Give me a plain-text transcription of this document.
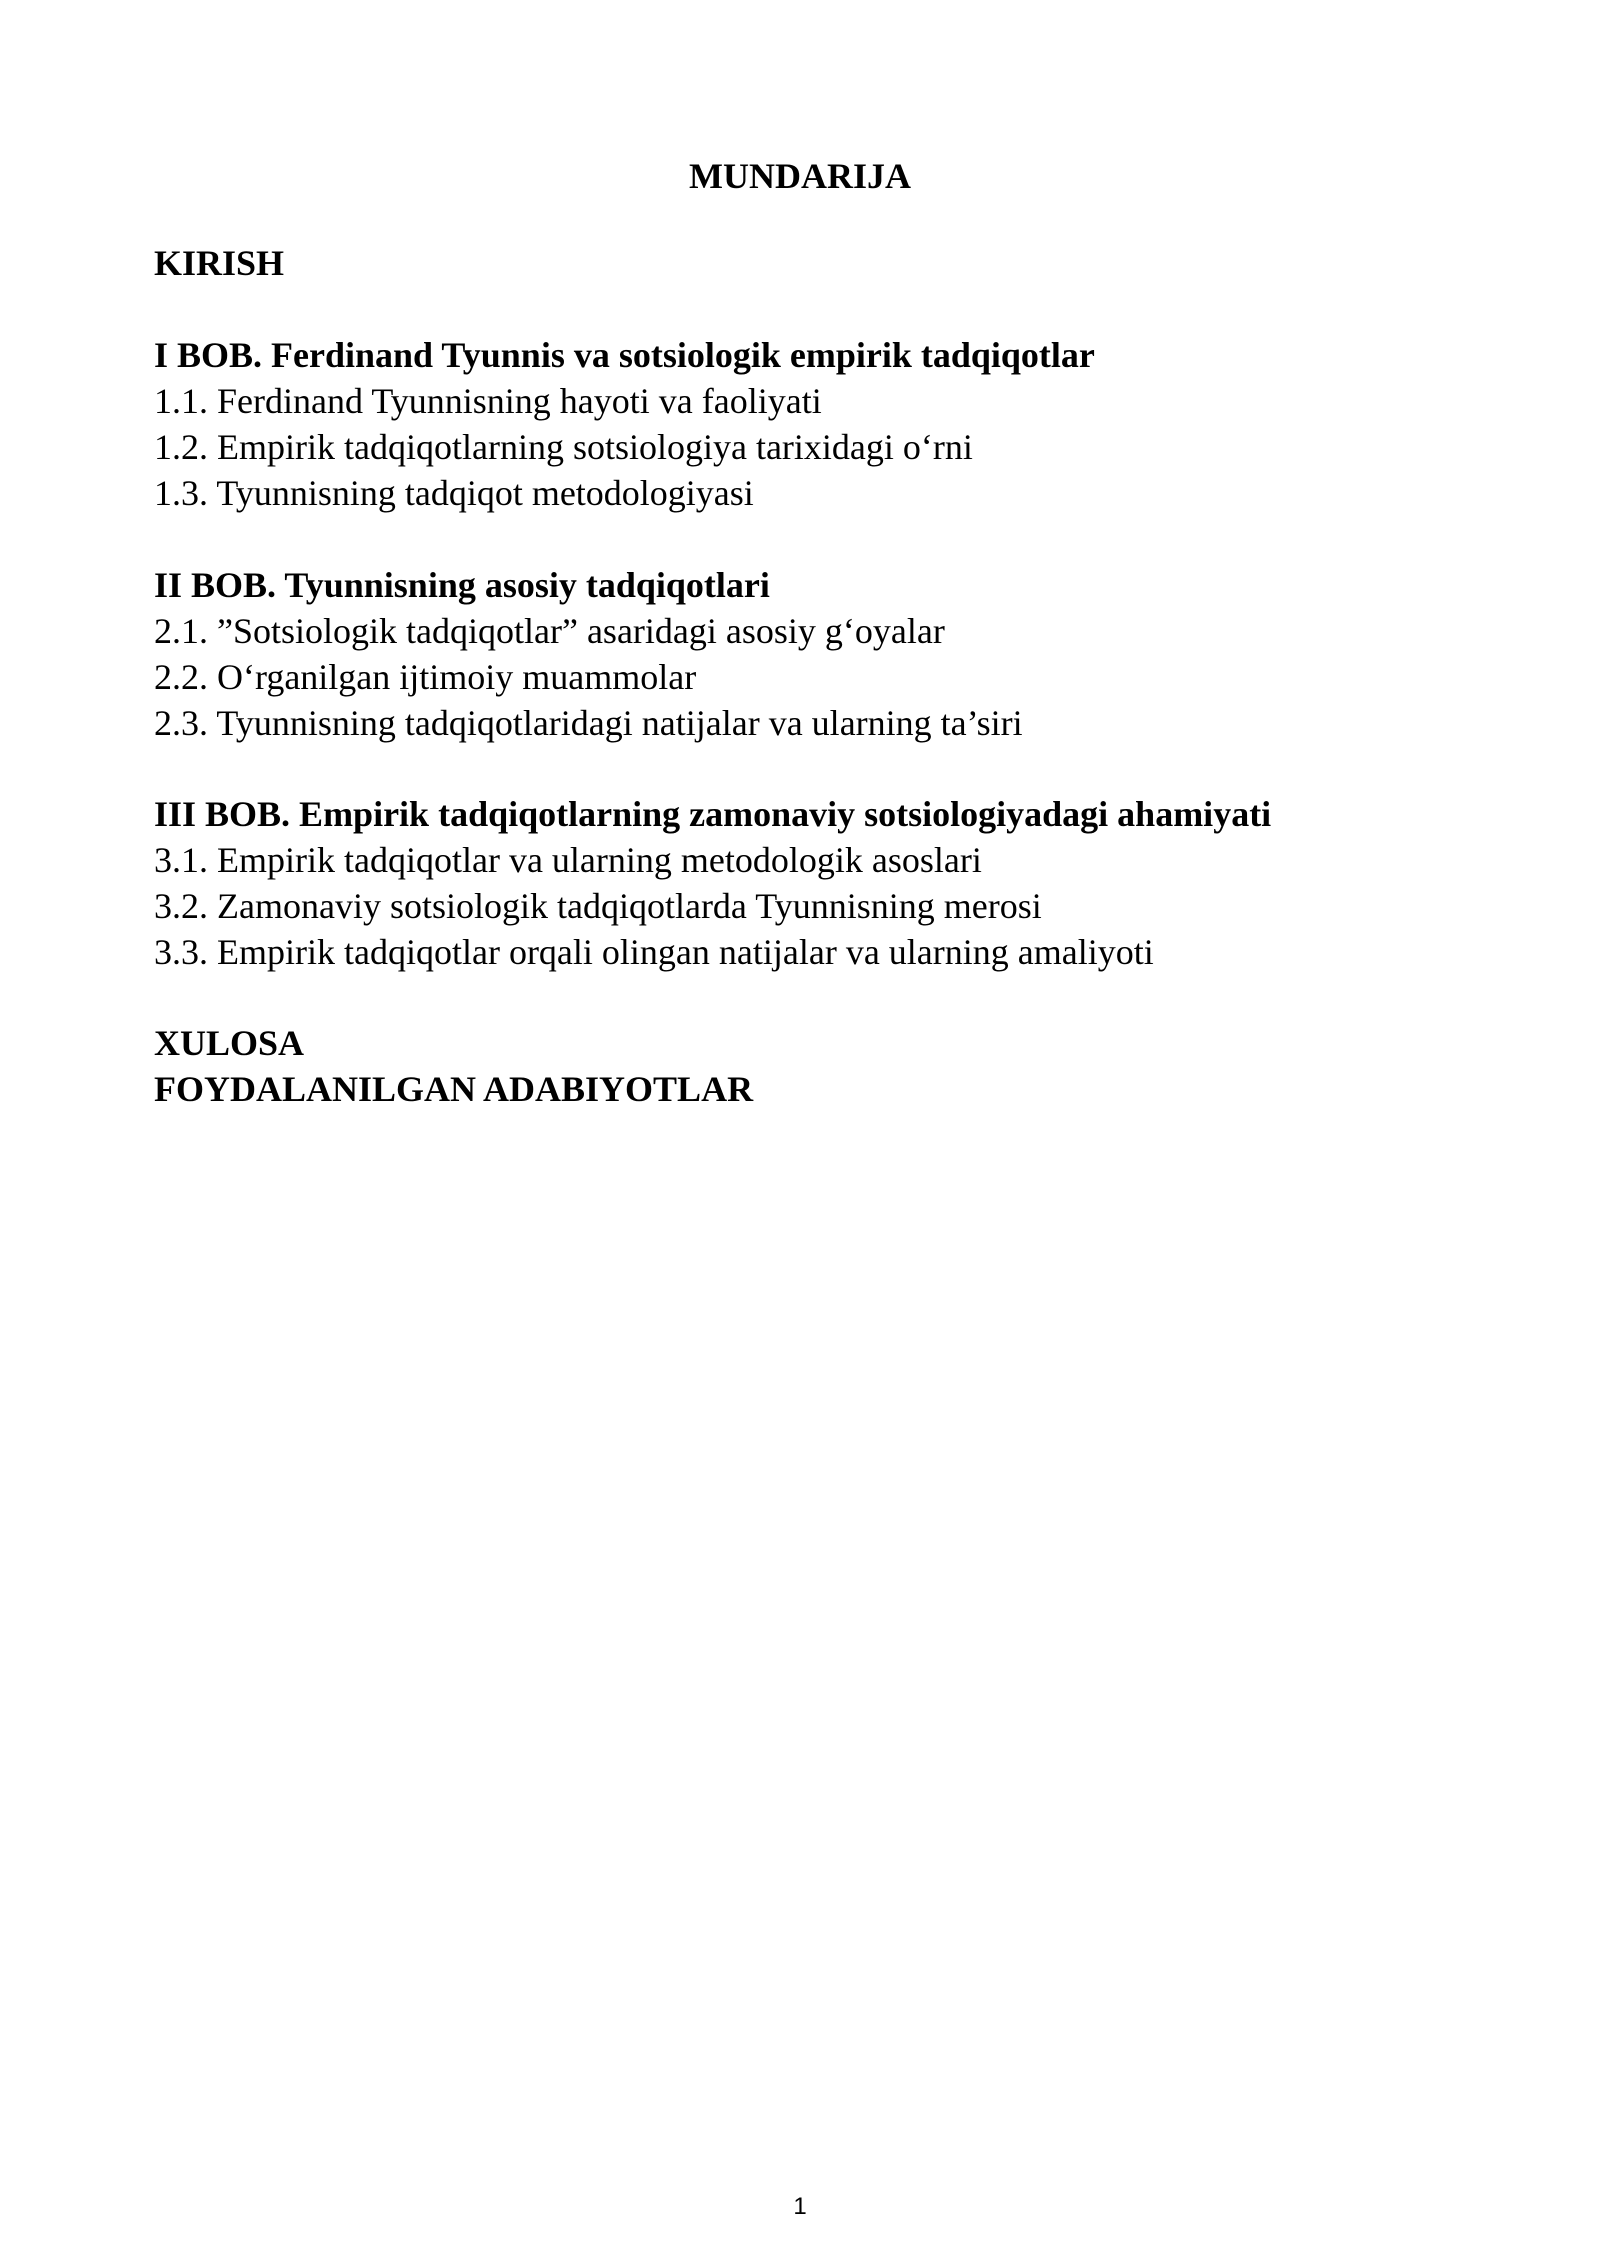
MUNDARIJA
KIRISH
I BOB. Ferdinand Tyunnis va sotsiologik empirik tadqiqotlar
1.1. Ferdinand Tyunnisning hayoti va faoliyati
1.2. Empirik tadqiqotlarning sotsiologiya tarixidagi o‘rni
1.3. Tyunnisning tadqiqot metodologiyasi
II BOB. Tyunnisning asosiy tadqiqotlari
2.1. ”Sotsiologik tadqiqotlar” asaridagi asosiy g‘oyalar
2.2. O‘rganilgan ijtimoiy muammolar
2.3. Tyunnisning tadqiqotlaridagi natijalar va ularning ta’siri
III BOB. Empirik tadqiqotlarning zamonaviy sotsiologiyadagi ahamiyati
3.1. Empirik tadqiqotlar va ularning metodologik asoslari
3.2. Zamonaviy sotsiologik tadqiqotlarda Tyunnisning merosi
3.3. Empirik tadqiqotlar orqali olingan natijalar va ularning amaliyoti
XULOSA
FOYDALANILGAN ADABIYOTLAR
1
